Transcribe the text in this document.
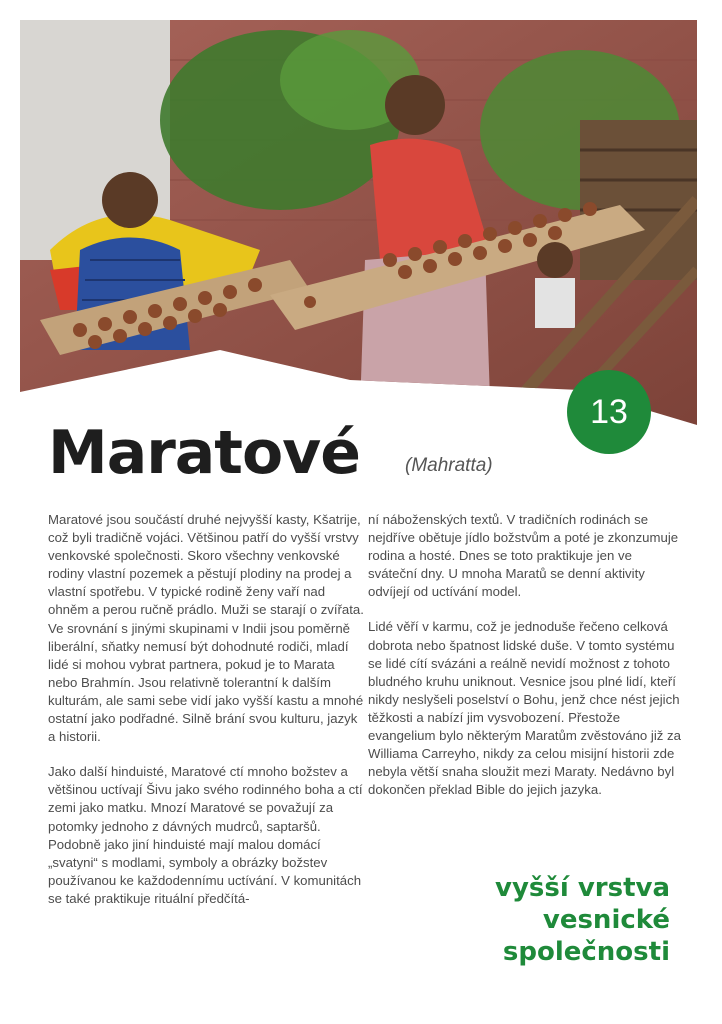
13
Maratové (Mahratta)

Maratové jsou součástí druhé nejvyšší kasty, Kšatrije, což byli tradičně vojáci. Většinou patří do vyšší vrstvy venkovské společnosti. Skoro všechny venkovské rodiny vlastní pozemek a pěstují plodiny na prodej a vlastní spotřebu. V typické rodině ženy vaří nad ohněm a perou ručně prádlo. Muži se starají o zvířata. Ve srovnání s jinými skupinami v Indii jsou poměrně liberální, sňatky nemusí být dohodnuté rodiči, mladí lidé si mohou vybrat partnera, pokud je to Marata nebo Brahmín. Jsou relativně tolerantní k dalším kulturám, ale sami sebe vidí jako vyšší kastu a mnohé ostatní jako podřadné. Silně brání svou kulturu, jazyk a historii.

Jako další hinduisté, Maratové ctí mnoho božstev a většinou uctívají Šivu jako svého rodinného boha a ctí zemi jako matku. Mnozí Maratové se považují za potomky jednoho z dávných mudrců, saptaršů. Podobně jako jiní hinduisté mají malou domácí „svatyni“ s modlami, symboly a obrázky božstev používanou ke každodennímu uctívání. V komunitách se také praktikuje rituální předčítá-

ní náboženských textů. V tradičních rodinách se nejdříve obětuje jídlo božstvům a poté je zkonzumuje rodina a hosté. Dnes se toto praktikuje jen ve sváteční dny. U mnoha Maratů se denní aktivity odvíjejí od uctívání model.

Lidé věří v karmu, což je jednoduše řečeno celková dobrota nebo špatnost lidské duše. V tomto systému se lidé cítí svázáni a reálně nevidí možnost z tohoto bludného kruhu uniknout. Vesnice jsou plné lidí, kteří nikdy neslyšeli poselství o Bohu, jenž chce nést jejich těžkosti a nabízí jim vysvobození. Přestože evangelium bylo některým Maratům zvěstováno již za Williama Carreyho, nikdy za celou misijní historii zde nebyla větší snaha sloužit mezi Maraty. Nedávno byl dokončen překlad Bible do jejich jazyka.

vyšší vrstva
vesnické
společnosti
